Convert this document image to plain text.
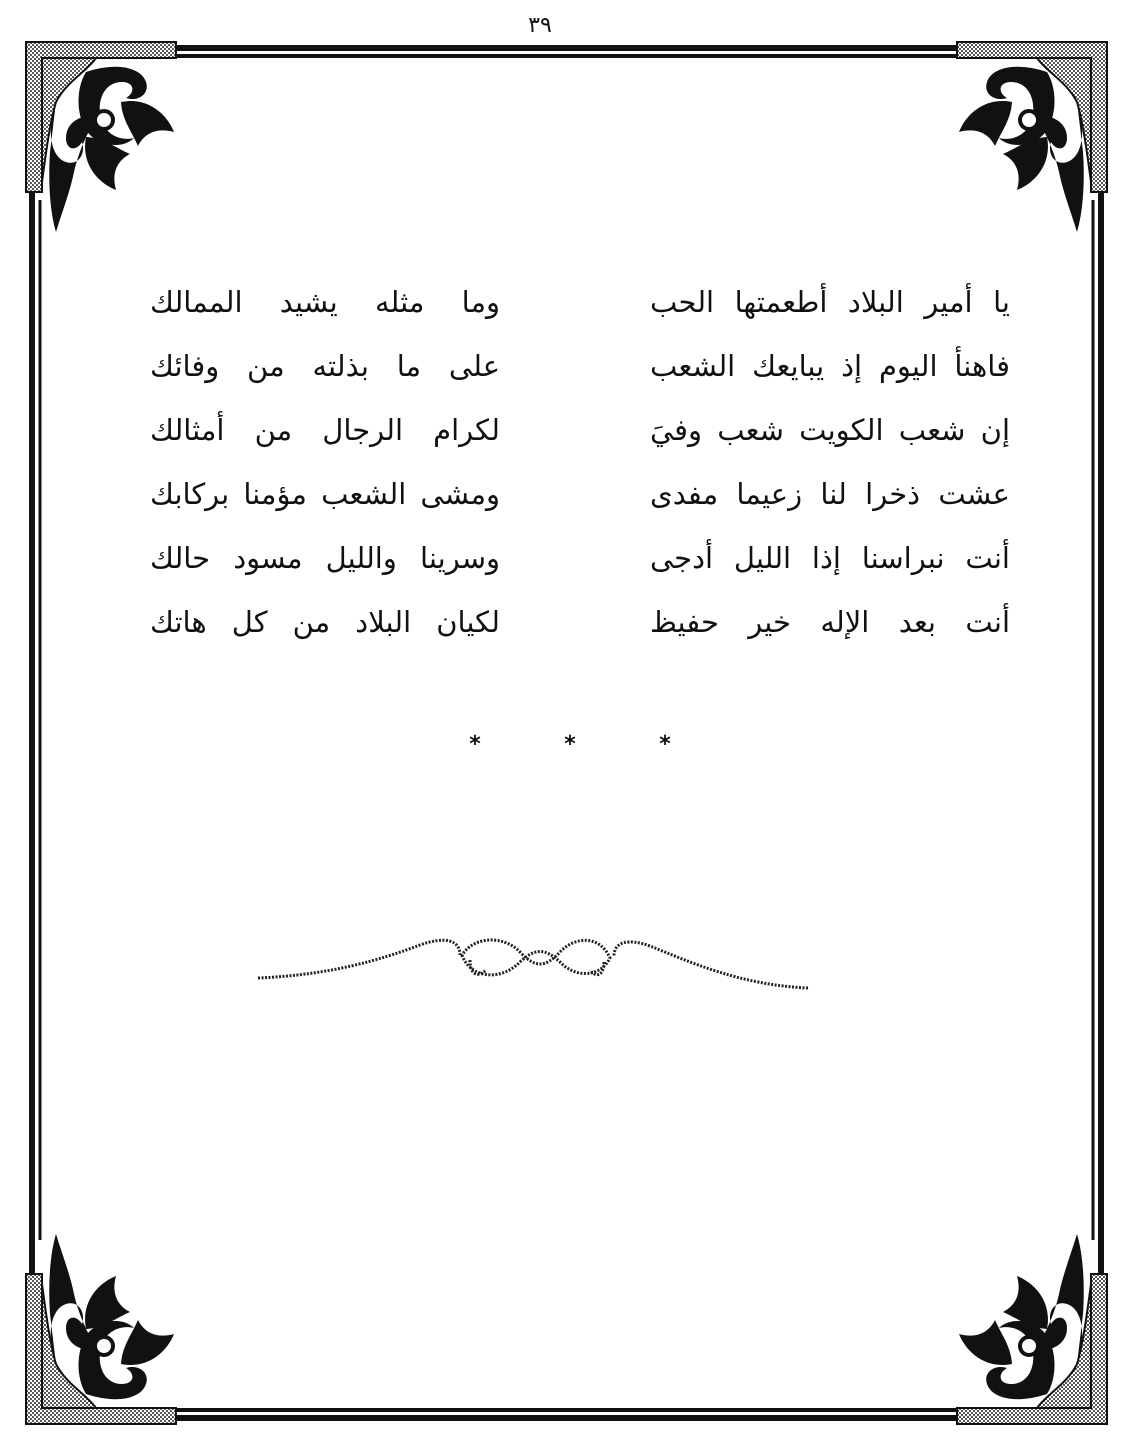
٣٩
يا أمير البلاد أطعمتها الحب
وما مثله يشيد الممالك
فاهنأ اليوم إذ يبايعك الشعب
على ما بذلته من وفائك
إن شعب الكويت شعب وفيَ
لكرام الرجال من أمثالك
عشت ذخرا لنا زعيما مفدى
ومشى الشعب مؤمنا بركابك
أنت نبراسنا إذا الليل أدجى
وسرينا والليل مسود حالك
أنت بعد الإله خير حفيظ
لكيان البلاد من كل هاتك
*	*	*
